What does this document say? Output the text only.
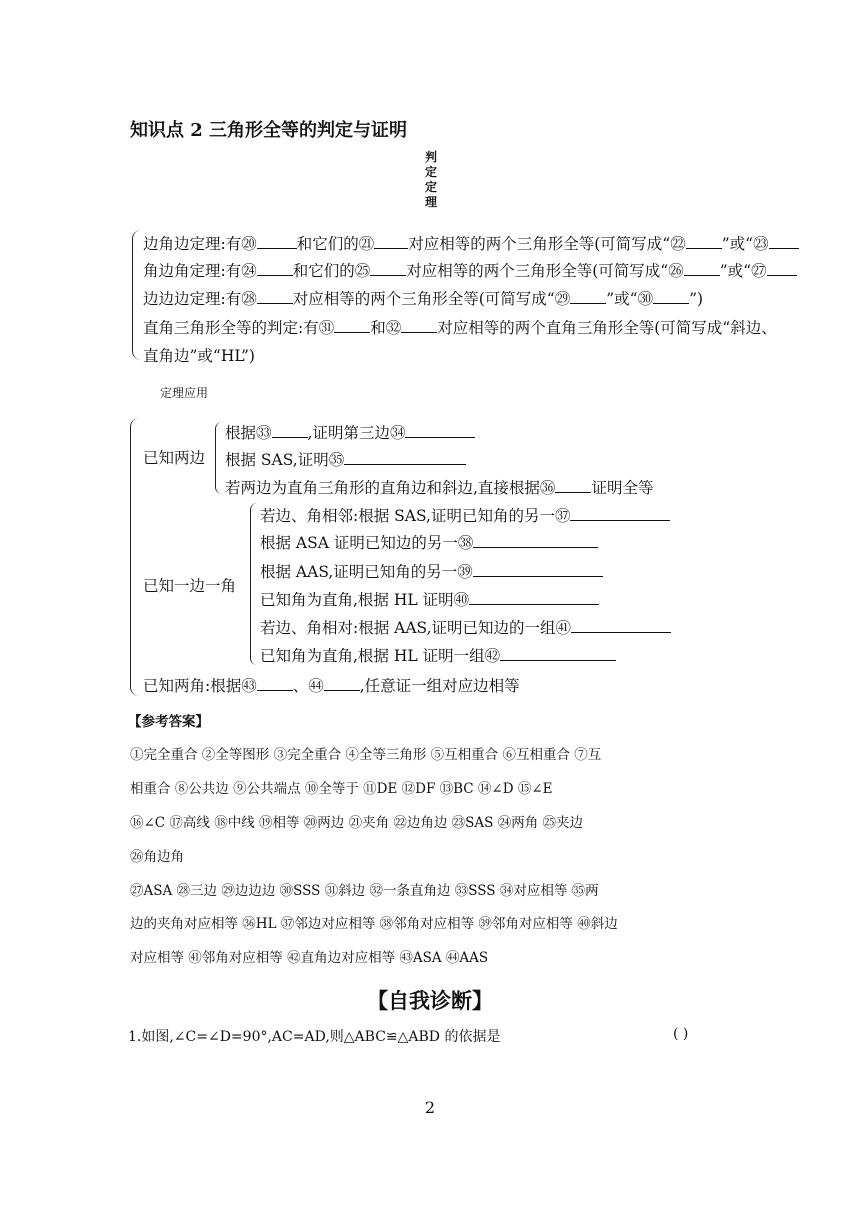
知识点 2 三角形全等的判定与证明
判
定
定
理
边角边定理:有⑳	和它们的㉑ 对应相等的两个三角形全等(可简写成“㉒ ”或“㉓
角边角定理:有㉔ 和它们的㉕ 对应相等的两个三角形全等(可简写成“㉖ ”或“㉗
边边边定理:有㉘ 对应相等的两个三角形全等(可简写成“㉙ ”或“㉚ ”)
直角三角形全等的判定:有㉛ 和㉜ 对应相等的两个直角三角形全等(可简写成“斜边、
直角边”或“HL”)
定理应用
已知两边
根据㉝ ,证明第三边㉞
根据 SAS,证明㉟
若两边为直角三角形的直角边和斜边,直接根据㊱ 证明全等
已知一边一角
若边、角相邻:根据 SAS,证明已知角的另一㊲
根据 ASA 证明已知边的另一㊳
根据 AAS,证明已知角的另一㊴
已知角为直角,根据 HL 证明㊵
若边、角相对:根据 AAS,证明已知边的一组㊶
已知角为直角,根据 HL 证明一组㊷
已知两角:根据㊸ 、㊹ ,任意证一组对应边相等
【参考答案】
①完全重合 ②全等图形 ③完全重合 ④全等三角形 ⑤互相重合 ⑥互相重合 ⑦互
相重合 ⑧公共边 ⑨公共端点 ⑩全等于 ⑪DE ⑫DF ⑬BC ⑭∠D ⑮∠E
⑯∠C ⑰高线 ⑱中线 ⑲相等 ⑳两边 ㉑夹角 ㉒边角边 ㉓SAS ㉔两角 ㉕夹边
㉖角边角
㉗ASA ㉘三边 ㉙边边边 ㉚SSS ㉛斜边 ㉜一条直角边 ㉝SSS ㉞对应相等 ㉟两
边的夹角对应相等 ㊱HL ㊲邻边对应相等 ㊳邻角对应相等 ㊴邻角对应相等 ㊵斜边
对应相等 ㊶邻角对应相等 ㊷直角边对应相等 ㊸ASA ㊹AAS
【自我诊断】
1.如图,∠C=∠D=90°,AC=AD,则△ABC≌△ABD 的依据是	( )
2
